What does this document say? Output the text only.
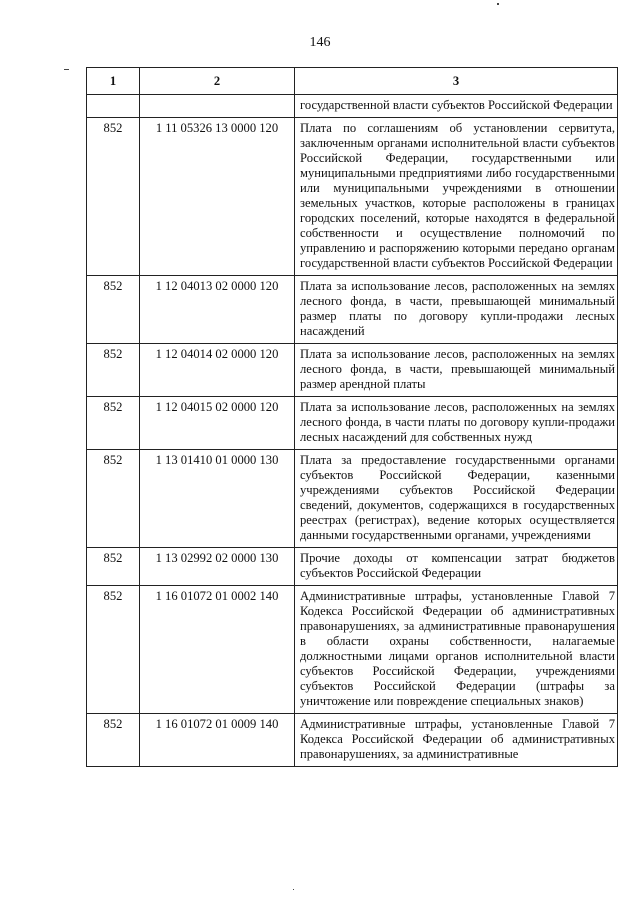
146
1	2	3
		государственной власти субъектов Российской Федерации
852	1 11 05326 13 0000 120	Плата по соглашениям об установлении сервитута, заключенным органами исполнительной власти субъектов Российской Федерации, государственными или муниципальными предприятиями либо государственными или муниципальными учреждениями в отношении земельных участков, которые расположены в границах городских поселений, которые находятся в федеральной собственности и осуществление полномочий по управлению и распоряжению которыми передано органам государственной власти субъектов Российской Федерации
852	1 12 04013 02 0000 120	Плата за использование лесов, расположенных на землях лесного фонда, в части, превышающей минимальный размер платы по договору купли-продажи лесных насаждений
852	1 12 04014 02 0000 120	Плата за использование лесов, расположенных на землях лесного фонда, в части, превышающей минимальный размер арендной платы
852	1 12 04015 02 0000 120	Плата за использование лесов, расположенных на землях лесного фонда, в части платы по договору купли-продажи лесных насаждений для собственных нужд
852	1 13 01410 01 0000 130	Плата за предоставление государственными органами субъектов Российской Федерации, казенными учреждениями субъектов Российской Федерации сведений, документов, содержащихся в государственных реестрах (регистрах), ведение которых осуществляется данными государственными органами, учреждениями
852	1 13 02992 02 0000 130	Прочие доходы от компенсации затрат бюджетов субъектов Российской Федерации
852	1 16 01072 01 0002 140	Административные штрафы, установленные Главой 7 Кодекса Российской Федерации об административных правонарушениях, за административные правонарушения в области охраны собственности, налагаемые должностными лицами органов исполнительной власти субъектов Российской Федерации, учреждениями субъектов Российской Федерации (штрафы за уничтожение или повреждение специальных знаков)
852	1 16 01072 01 0009 140	Административные штрафы, установленные Главой 7 Кодекса Российской Федерации об административных правонарушениях, за административные
